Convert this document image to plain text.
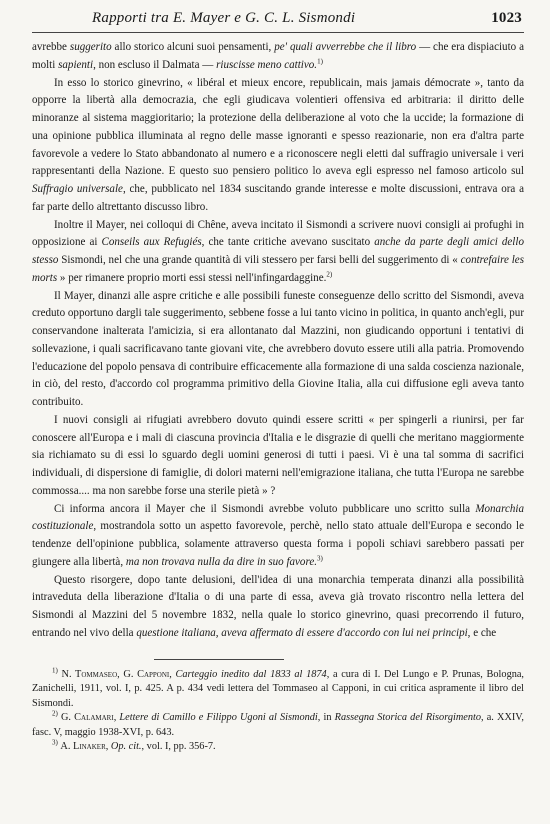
Rapporti tra E. Mayer e G. C. L. Sismondi	1023

avrebbe suggerito allo storico alcuni suoi pensamenti, pe' quali avverrebbe che il libro — che era dispiaciuto a molti sapienti, non escluso il Dalmata — riuscisse meno cattivo.$^{1)}$

In esso lo storico ginevrino, « libéral et mieux encore, republicain, mais jamais démocrate », tanto da opporre la libertà alla democrazia, che egli giudicava volentieri offensiva ed arbitraria: il diritto delle minoranze al sistema maggioritario; la protezione della deliberazione al voto che la uccide; la formazione di una opinione pubblica illuminata al regno delle masse ignoranti e spesso reazionarie, non era d'altra parte favorevole a vedere lo Stato abbandonato al numero e a riconoscere negli eletti dal suffragio universale i veri rappresentanti della Nazione. E questo suo pensiero politico lo aveva egli espresso nel famoso articolo sul Suffragio universale, che, pubblicato nel 1834 suscitando grande interesse e molte discussioni, entrava ora a far parte dello altrettanto discusso libro.

Inoltre il Mayer, nei colloqui di Chêne, aveva incitato il Sismondi a scrivere nuovi consigli ai profughi in opposizione ai Conseils aux Refugiés, che tante critiche avevano suscitato anche da parte degli amici dello stesso Sismondi, nel che una grande quantità di vili stessero per farsi belli del suggerimento di « contrefaire les morts » per rimanere proprio morti essi stessi nell'infingardaggine.$^{2)}$

Il Mayer, dinanzi alle aspre critiche e alle possibili funeste conseguenze dello scritto del Sismondi, aveva creduto opportuno dargli tale suggerimento, sebbene fosse a lui tanto vicino in politica, in quanto anch'egli, pur conservandone inalterata l'amicizia, si era allontanato dal Mazzini, non giudicando opportuni i tentativi di sollevazione, i quali sacrificavano tante giovani vite, che avrebbero dovuto essere utili alla patria. Promovendo l'educazione del popolo pensava di contribuire efficacemente alla formazione di una salda coscienza nazionale, in ciò, del resto, d'accordo col programma primitivo della Giovine Italia, alla cui diffusione egli aveva tanto contribuito.

I nuovi consigli ai rifugiati avrebbero dovuto quindi essere scritti « per spingerli a riunirsi, per far conoscere all'Europa e i mali di ciascuna provincia d'Italia e le disgrazie di quelli che meritano maggiormente sia richiamato su di essi lo sguardo degli uomini generosi di tutti i paesi. Vi è una tal somma di sacrifici individuali, di dispersione di famiglie, di dolori materni nell'emigrazione italiana, che tutta l'Europa ne sarebbe commossa.... ma non sarebbe forse una sterile pietà » ?

Ci informa ancora il Mayer che il Sismondi avrebbe voluto pubblicare uno scritto sulla Monarchia costituzionale, mostrandola sotto un aspetto favorevole, perchè, nello stato attuale dell'Europa e secondo le tendenze dell'opinione pubblica, solamente attraverso questa forma i popoli schiavi sarebbero passati per giungere alla libertà, ma non trovava nulla da dire in suo favore.$^{3)}$

Questo risorgere, dopo tante delusioni, dell'idea di una monarchia temperata dinanzi alla possibilità intraveduta della liberazione d'Italia o di una parte di essa, aveva già trovato riscontro nella lettera del Sismondi al Mazzini del 5 novembre 1832, nella quale lo storico ginevrino, quasi precorrendo il futuro, entrando nel vivo della questione italiana, aveva affermato di essere d'accordo con lui nei principi, e che

$^{1)}$ N. Tommaseo, G. Capponi, Carteggio inedito dal 1833 al 1874, a cura di I. Del Lungo e P. Prunas, Bologna, Zanichelli, 1911, vol. I, p. 425. A p. 434 vedi lettera del Tommaseo al Capponi, in cui critica aspramente il libro del Sismondi.

$^{2)}$ G. Calamari, Lettere di Camillo e Filippo Ugoni al Sismondi, in Rassegna Storica del Risorgimento, a. XXIV, fasc. V, maggio 1938-XVI, p. 643.

$^{3)}$ A. Linaker, Op. cit., vol. I, pp. 356-7.
